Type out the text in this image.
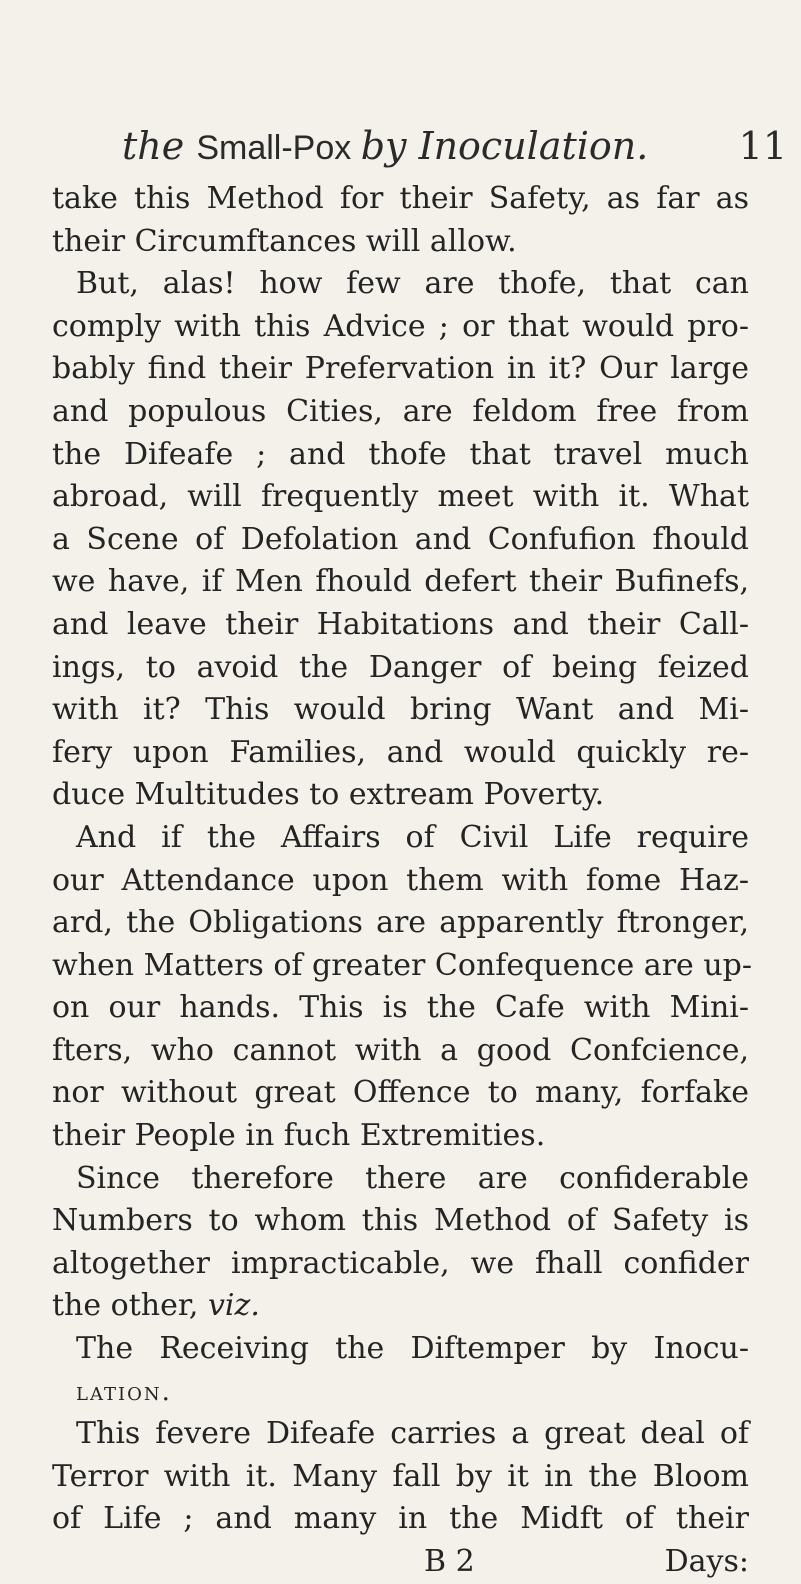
the Small-Pox by Inoculation. 11
take this Method for their Safety, as far as
their Circumftances will allow.
But, alas! how few are thofe, that can
comply with this Advice ; or that would pro-
bably find their Prefervation in it? Our large
and populous Cities, are feldom free from
the Difeafe ; and thofe that travel much
abroad, will frequently meet with it. What
a Scene of Defolation and Confufion fhould
we have, if Men fhould defert their Bufinefs,
and leave their Habitations and their Call-
ings, to avoid the Danger of being feized
with it? This would bring Want and Mi-
fery upon Families, and would quickly re-
duce Multitudes to extream Poverty.
And if the Affairs of Civil Life require
our Attendance upon them with fome Haz-
ard, the Obligations are apparently ftronger,
when Matters of greater Confequence are up-
on our hands. This is the Cafe with Mini-
fters, who cannot with a good Confcience,
nor without great Offence to many, forfake
their People in fuch Extremities.
Since therefore there are confiderable
Numbers to whom this Method of Safety is
altogether impracticable, we fhall confider
the other, viz.
The Receiving the Diftemper by Inocu-
lation.
This fevere Difeafe carries a great deal of
Terror with it. Many fall by it in the Bloom
of Life ; and many in the Midft of their
B 2	Days:
